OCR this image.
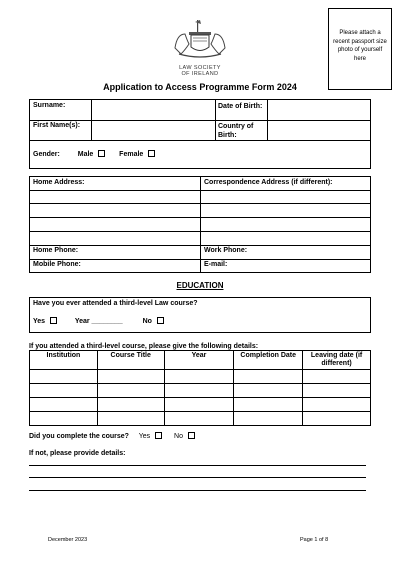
LAW SOCIETY
OF IRELAND
Please attach a recent passport size photo of yourself here
Application to Access Programme Form 2024
Surname:	Date of Birth:
First Name(s):	Country of Birth:
Gender:	Male	Female
Home Address:	Correspondence Address (if different):
Home Phone:	Work Phone:
Mobile Phone:	E-mail:
EDUCATION
Have you ever attended a third-level Law course?
Yes	Year ________	No
If you attended a third-level course, please give the following details:
Institution	Course Title	Year	Completion Date	Leaving date (if different)

Did you complete the course? Yes	No
If not, please provide details:
December 2023	Page 1 of 8
